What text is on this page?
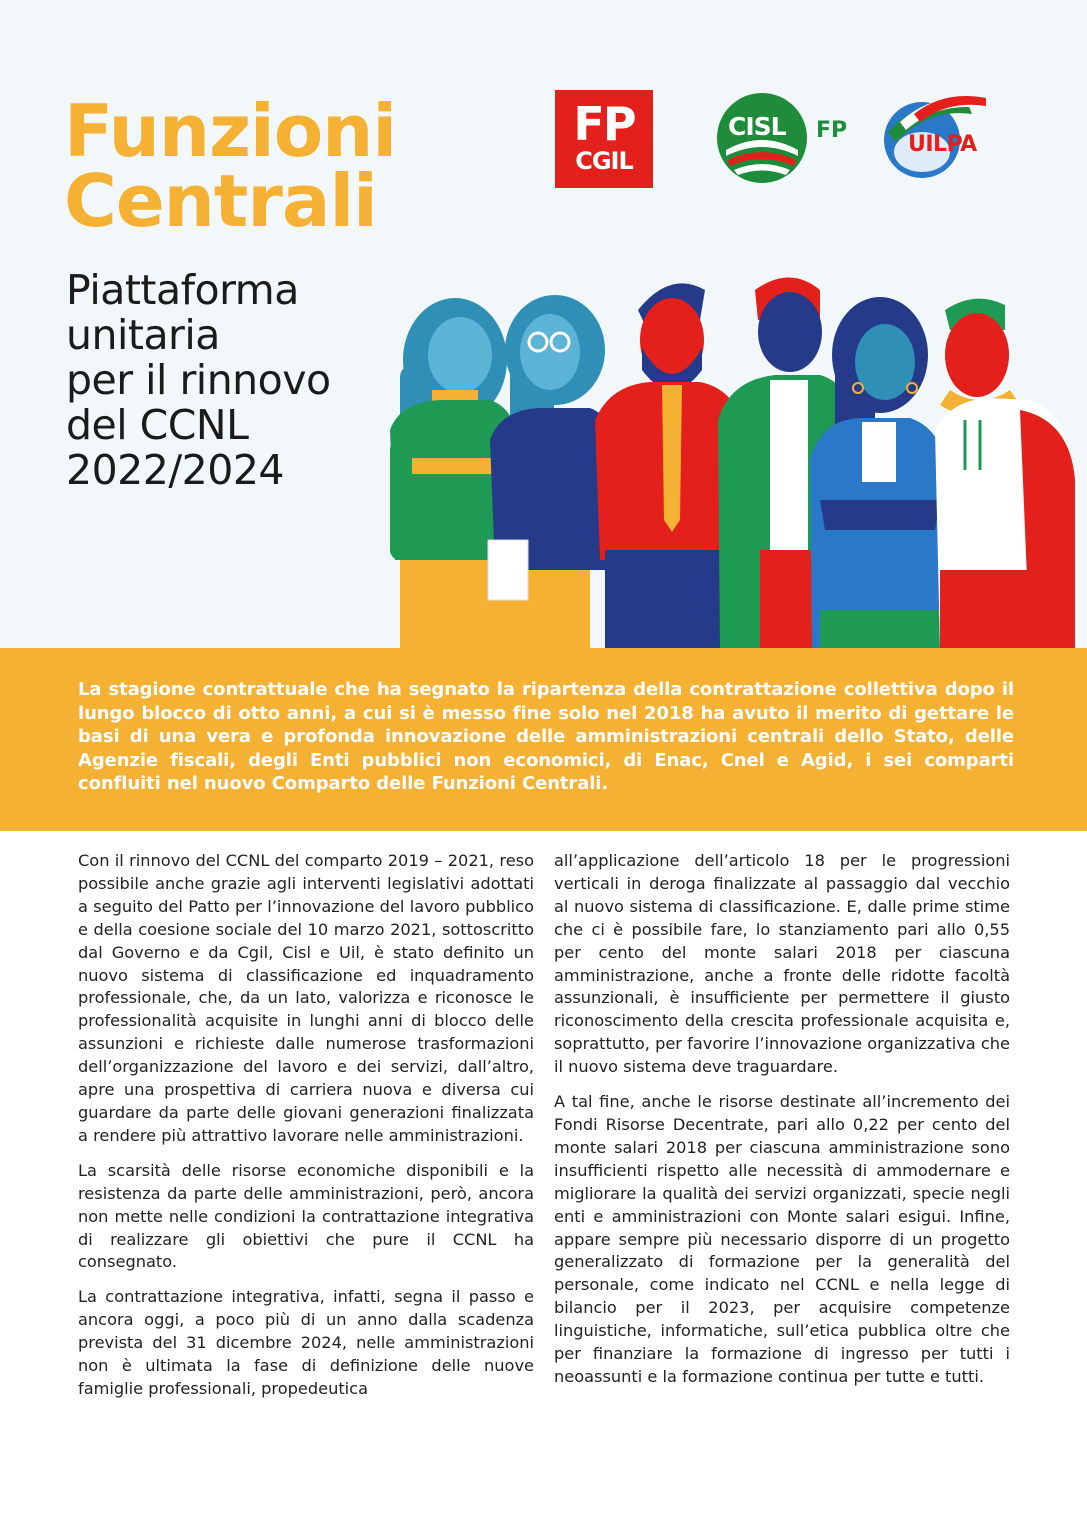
Funzioni
Centrali
Piattaforma
unitaria
per il rinnovo
del CCNL
2022/2024
FP
CGIL
CISL FP
UILPA

La stagione contrattuale che ha segnato la ripartenza della contrattazione collettiva dopo il lungo blocco di otto anni, a cui si è messo fine solo nel 2018 ha avuto il merito di gettare le basi di una vera e profonda innovazione delle amministrazioni centrali dello Stato, delle Agenzie fiscali, degli Enti pubblici non economici, di Enac, Cnel e Agid, i sei comparti confluiti nel nuovo Comparto delle Funzioni Centrali.

Con il rinnovo del CCNL del comparto 2019 – 2021, reso possibile anche grazie agli interventi legislativi adottati a seguito del Patto per l’innovazione del lavoro pubblico e della coesione sociale del 10 marzo 2021, sottoscritto dal Governo e da Cgil, Cisl e Uil, è stato definito un nuovo sistema di classificazione ed inquadramento professionale, che, da un lato, valorizza e riconosce le professionalità acquisite in lunghi anni di blocco delle assunzioni e richieste dalle numerose trasformazioni dell’organizzazione del lavoro e dei servizi, dall’altro, apre una prospettiva di carriera nuova e diversa cui guardare da parte delle giovani generazioni finalizzata a rendere più attrattivo lavorare nelle amministrazioni.

La scarsità delle risorse economiche disponibili e la resistenza da parte delle amministrazioni, però, ancora non mette nelle condizioni la contrattazione integrativa di realizzare gli obiettivi che pure il CCNL ha consegnato.

La contrattazione integrativa, infatti, segna il passo e ancora oggi, a poco più di un anno dalla scadenza prevista del 31 dicembre 2024, nelle amministrazioni non è ultimata la fase di definizione delle nuove famiglie professionali, propedeutica

all’applicazione dell’articolo 18 per le progressioni verticali in deroga finalizzate al passaggio dal vecchio al nuovo sistema di classificazione. E, dalle prime stime che ci è possibile fare, lo stanziamento pari allo 0,55 per cento del monte salari 2018 per ciascuna amministrazione, anche a fronte delle ridotte facoltà assunzionali, è insufficiente per permettere il giusto riconoscimento della crescita professionale acquisita e, soprattutto, per favorire l’innovazione organizzativa che il nuovo sistema deve traguardare.

A tal fine, anche le risorse destinate all’incremento dei Fondi Risorse Decentrate, pari allo 0,22 per cento del monte salari 2018 per ciascuna amministrazione sono insufficienti rispetto alle necessità di ammodernare e migliorare la qualità dei servizi organizzati, specie negli enti e amministrazioni con Monte salari esigui. Infine, appare sempre più necessario disporre di un progetto generalizzato di formazione per la generalità del personale, come indicato nel CCNL e nella legge di bilancio per il 2023, per acquisire competenze linguistiche, informatiche, sull’etica pubblica oltre che per finanziare la formazione di ingresso per tutti i neoassunti e la formazione continua per tutte e tutti.
